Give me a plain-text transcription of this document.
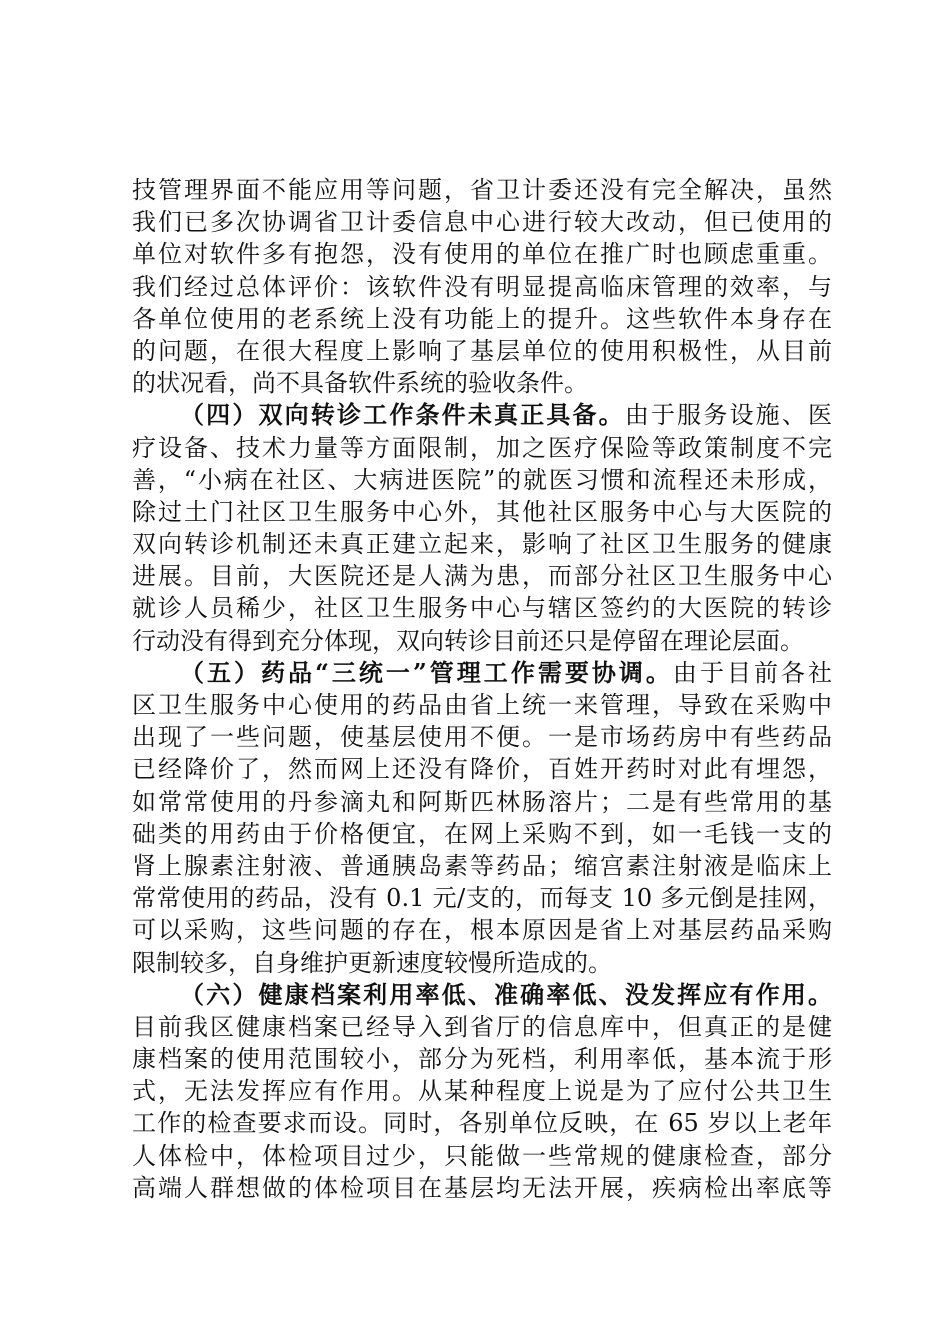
技管理界面不能应用等问题，省卫计委还没有完全解决，虽然
我们已多次协调省卫计委信息中心进行较大改动，但已使用的
单位对软件多有抱怨，没有使用的单位在推广时也顾虑重重。
我们经过总体评价：该软件没有明显提高临床管理的效率，与
各单位使用的老系统上没有功能上的提升。这些软件本身存在
的问题，在很大程度上影响了基层单位的使用积极性，从目前
的状况看，尚不具备软件系统的验收条件。
（四）双向转诊工作条件未真正具备。由于服务设施、医
疗设备、技术力量等方面限制，加之医疗保险等政策制度不完
善，“小病在社区、大病进医院”的就医习惯和流程还未形成，
除过土门社区卫生服务中心外，其他社区服务中心与大医院的
双向转诊机制还未真正建立起来，影响了社区卫生服务的健康
进展。目前，大医院还是人满为患，而部分社区卫生服务中心
就诊人员稀少，社区卫生服务中心与辖区签约的大医院的转诊
行动没有得到充分体现，双向转诊目前还只是停留在理论层面。
（五）药品“三统一”管理工作需要协调。由于目前各社
区卫生服务中心使用的药品由省上统一来管理，导致在采购中
出现了一些问题，使基层使用不便。一是市场药房中有些药品
已经降价了，然而网上还没有降价，百姓开药时对此有埋怨，
如常常使用的丹参滴丸和阿斯匹林肠溶片；二是有些常用的基
础类的用药由于价格便宜，在网上采购不到，如一毛钱一支的
肾上腺素注射液、普通胰岛素等药品；缩宫素注射液是临床上
常常使用的药品，没有 0.1 元/支的，而每支 10 多元倒是挂网，
可以采购，这些问题的存在，根本原因是省上对基层药品采购
限制较多，自身维护更新速度较慢所造成的。
（六）健康档案利用率低、准确率低、没发挥应有作用。
目前我区健康档案已经导入到省厅的信息库中，但真正的是健
康档案的使用范围较小，部分为死档，利用率低，基本流于形
式，无法发挥应有作用。从某种程度上说是为了应付公共卫生
工作的检查要求而设。同时，各别单位反映，在 65 岁以上老年
人体检中，体检项目过少，只能做一些常规的健康检查，部分
高端人群想做的体检项目在基层均无法开展，疾病检出率底等
